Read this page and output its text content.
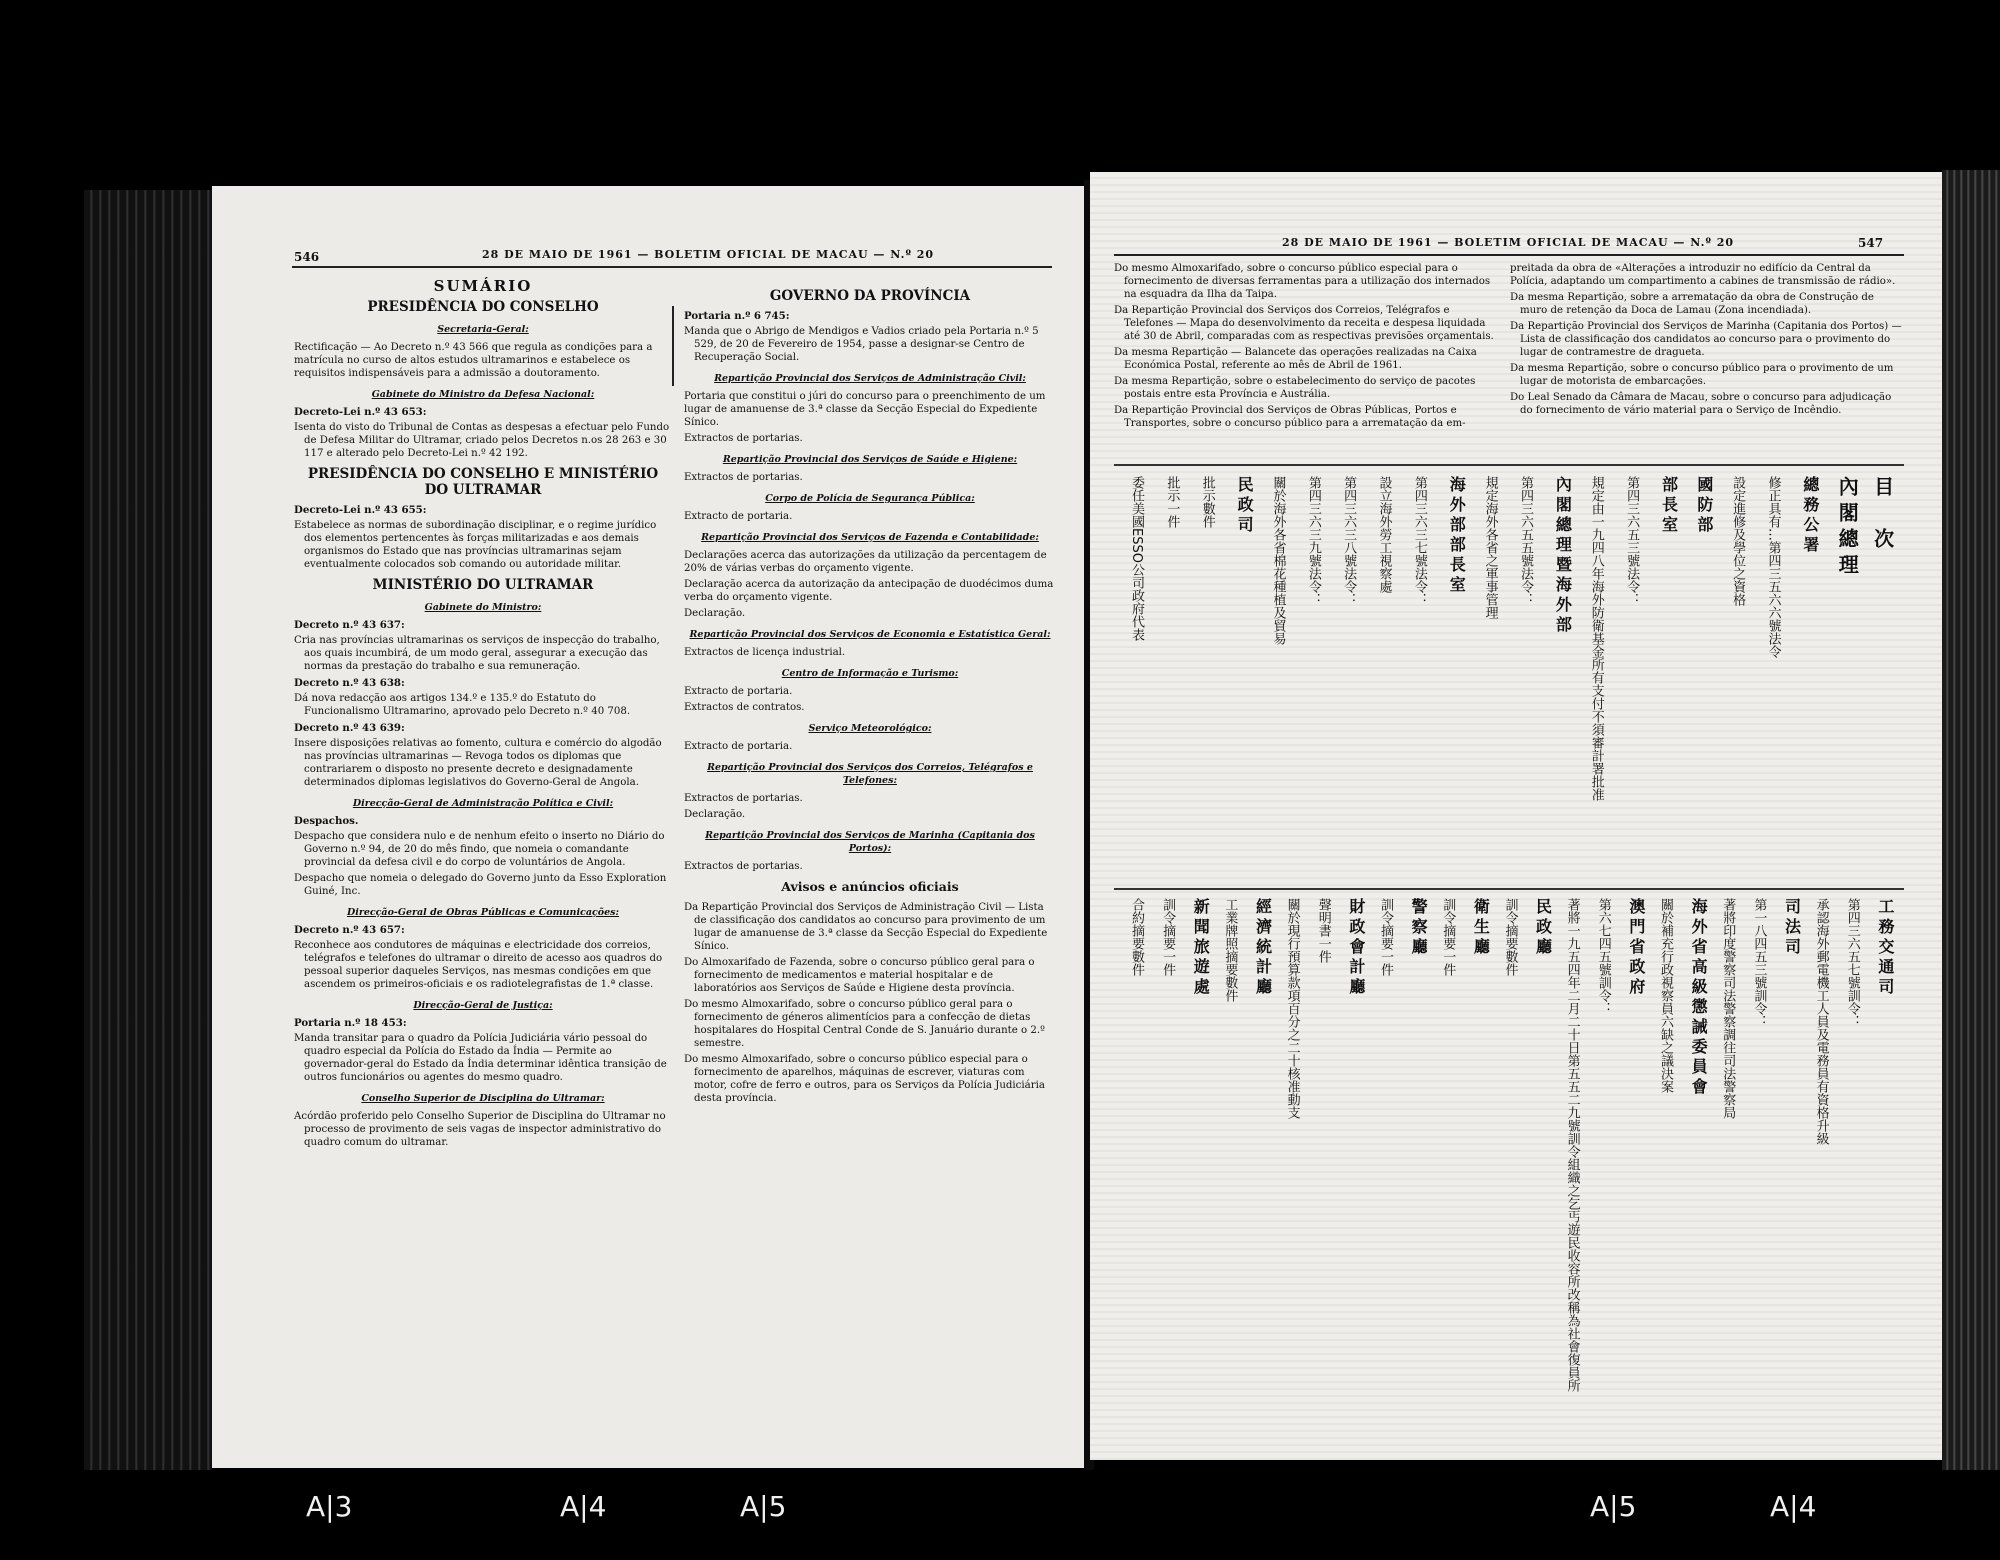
546	28 DE MAIO DE 1961 — BOLETIM OFICIAL DE MACAU — N.º 20
SUMÁRIO
PRESIDÊNCIA DO CONSELHO
Secretaria-Geral:

Rectificação — Ao Decreto n.º 43 566 que regula as condições para a matrícula no curso de altos estudos ultramarinos e estabelece os requisitos indispensáveis para a admissão a doutoramento.

Gabinete do Ministro da Defesa Nacional:
Decreto-Lei n.º 43 653:

Isenta do visto do Tribunal de Contas as despesas a efectuar pelo Fundo de Defesa Militar do Ultramar, criado pelos Decretos n.os 28 263 e 30 117 e alterado pelo Decreto-Lei n.º 42 192.

PRESIDÊNCIA DO CONSELHO E MINISTÉRIO DO ULTRAMAR
Decreto-Lei n.º 43 655:

Estabelece as normas de subordinação disciplinar, e o regime jurídico dos elementos pertencentes às forças militarizadas e aos demais organismos do Estado que nas províncias ultramarinas sejam eventualmente colocados sob comando ou autoridade militar.

MINISTÉRIO DO ULTRAMAR
Gabinete do Ministro:
Decreto n.º 43 637:

Cria nas províncias ultramarinas os serviços de inspecção do trabalho, aos quais incumbirá, de um modo geral, assegurar a execução das normas da prestação do trabalho e sua remuneração.

Decreto n.º 43 638:

Dá nova redacção aos artigos 134.º e 135.º do Estatuto do Funcionalismo Ultramarino, aprovado pelo Decreto n.º 40 708.

Decreto n.º 43 639:

Insere disposições relativas ao fomento, cultura e comércio do algodão nas províncias ultramarinas — Revoga todos os diplomas que contrariarem o disposto no presente decreto e designadamente determinados diplomas legislativos do Governo-Geral de Angola.

Direcção-Geral de Administração Política e Civil:
Despachos.

Despacho que considera nulo e de nenhum efeito o inserto no Diário do Governo n.º 94, de 20 do mês findo, que nomeia o comandante provincial da defesa civil e do corpo de voluntários de Angola.

Despacho que nomeia o delegado do Governo junto da Esso Exploration Guiné, Inc.

Direcção-Geral de Obras Públicas e Comunicações:
Decreto n.º 43 657:

Reconhece aos condutores de máquinas e electricidade dos correios, telégrafos e telefones do ultramar o direito de acesso aos quadros do pessoal superior daqueles Serviços, nas mesmas condições em que ascendem os primeiros-oficiais e os radiotelegrafistas de 1.ª classe.

Direcção-Geral de Justiça:
Portaria n.º 18 453:

Manda transitar para o quadro da Polícia Judiciária vário pessoal do quadro especial da Polícia do Estado da Índia — Permite ao governador-geral do Estado da Índia determinar idêntica transição de outros funcionários ou agentes do mesmo quadro.

Conselho Superior de Disciplina do Ultramar:

Acórdão proferido pelo Conselho Superior de Disciplina do Ultramar no processo de provimento de seis vagas de inspector administrativo do quadro comum do ultramar.

GOVERNO DA PROVÍNCIA
Portaria n.º 6 745:

Manda que o Abrigo de Mendigos e Vadios criado pela Portaria n.º 5 529, de 20 de Fevereiro de 1954, passe a designar-se Centro de Recuperação Social.

Repartição Provincial dos Serviços de Administração Civil:

Portaria que constitui o júri do concurso para o preenchimento de um lugar de amanuense de 3.ª classe da Secção Especial do Expediente Sínico.

Extractos de portarias.

Repartição Provincial dos Serviços de Saúde e Higiene:

Extractos de portarias.

Corpo de Polícia de Segurança Pública:

Extracto de portaria.

Repartição Provincial dos Serviços de Fazenda e Contabilidade:

Declarações acerca das autorizações da utilização da percentagem de 20% de várias verbas do orçamento vigente.

Declaração acerca da autorização da antecipação de duodécimos duma verba do orçamento vigente.

Declaração.

Repartição Provincial dos Serviços de Economia e Estatística Geral:

Extractos de licença industrial.

Centro de Informação e Turismo:

Extracto de portaria.

Extractos de contratos.

Serviço Meteorológico:

Extracto de portaria.

Repartição Provincial dos Serviços dos Correios, Telégrafos e Telefones:

Extractos de portarias.

Declaração.

Repartição Provincial dos Serviços de Marinha (Capitania dos Portos):

Extractos de portarias.

Avisos e anúncios oficiais

Da Repartição Provincial dos Serviços de Administração Civil — Lista de classificação dos candidatos ao concurso para provimento de um lugar de amanuense de 3.ª classe da Secção Especial do Expediente Sínico.

Do Almoxarifado de Fazenda, sobre o concurso público geral para o fornecimento de medicamentos e material hospitalar e de laboratórios aos Serviços de Saúde e Higiene desta província.

Do mesmo Almoxarifado, sobre o concurso público geral para o fornecimento de géneros alimentícios para a confecção de dietas hospitalares do Hospital Central Conde de S. Januário durante o 2.º semestre.

Do mesmo Almoxarifado, sobre o concurso público especial para o fornecimento de aparelhos, máquinas de escrever, viaturas com motor, cofre de ferro e outros, para os Serviços da Polícia Judiciária desta província.

28 DE MAIO DE 1961 — BOLETIM OFICIAL DE MACAU — N.º 20	547

Do mesmo Almoxarifado, sobre o concurso público especial para o fornecimento de diversas ferramentas para a utilização dos internados na esquadra da Ilha da Taipa.

Da Repartição Provincial dos Serviços dos Correios, Telégrafos e Telefones — Mapa do desenvolvimento da receita e despesa liquidada até 30 de Abril, comparadas com as respectivas previsões orçamentais.

Da mesma Repartição — Balancete das operações realizadas na Caixa Económica Postal, referente ao mês de Abril de 1961.

Da mesma Repartição, sobre o estabelecimento do serviço de pacotes postais entre esta Província e Austrália.

Da Repartição Provincial dos Serviços de Obras Públicas, Portos e Transportes, sobre o concurso público para a arrematação da em-

preitada da obra de «Alterações a introduzir no edifício da Central da Polícia, adaptando um compartimento a cabines de transmissão de rádio».

Da mesma Repartição, sobre a arrematação da obra de Construção de muro de retenção da Doca de Lamau (Zona incendiada).

Da Repartição Provincial dos Serviços de Marinha (Capitania dos Portos) — Lista de classificação dos candidatos ao concurso para o provimento do lugar de contramestre de draguetа.

Da mesma Repartição, sobre o concurso público para o provimento de um lugar de motorista de embarcações.

Do Leal Senado da Câmara de Macau, sobre o concurso para adjudicação do fornecimento de vário material para o Serviço de Incêndio.

目　次
內閣總理
總務公署
修正具有…第四三五六六號法令
設定進修及學位之資格
國防部
部長室
第四三六五三號法令：
規定由一九四八年海外防衛基金所有支付不須審計署批准
內閣總理暨海外部
第四三六五五號法令：
規定海外各省之軍事管理
海外部部長室
第四三六三七號法令：
設立海外勞工視察處
第四三六三八號法令：
第四三六三九號法令：
關於海外各省棉花種植及貿易
民政司
批示數件
批示一件
委任美國ESSO公司政府代表
工務交通司
第四三六五七號訓令：
承認海外郵電機工人員及電務員有資格升級
司法司
第一八四五三號訓令：
著將印度警察司法警察調往司法警察局
海外省高級懲誡委員會
關於補充行政視察員六缺之議決案
澳門省政府
第六七四五號訓令：
著將一九五四年二月二十日第五五二九號訓令組織之乞丐遊民收容所改稱為社會復員所
民政廳
訓令摘要數件
衛生廳
訓令摘要一件
警察廳
訓令摘要一件
財政會計廳
聲明書一件
關於現行預算款項百分之二十核准動支
經濟統計廳
工業牌照摘要數件
新聞旅遊處
訓令摘要一件
合約摘要數件
A|3	A|4	A|5	A|5	A|4
